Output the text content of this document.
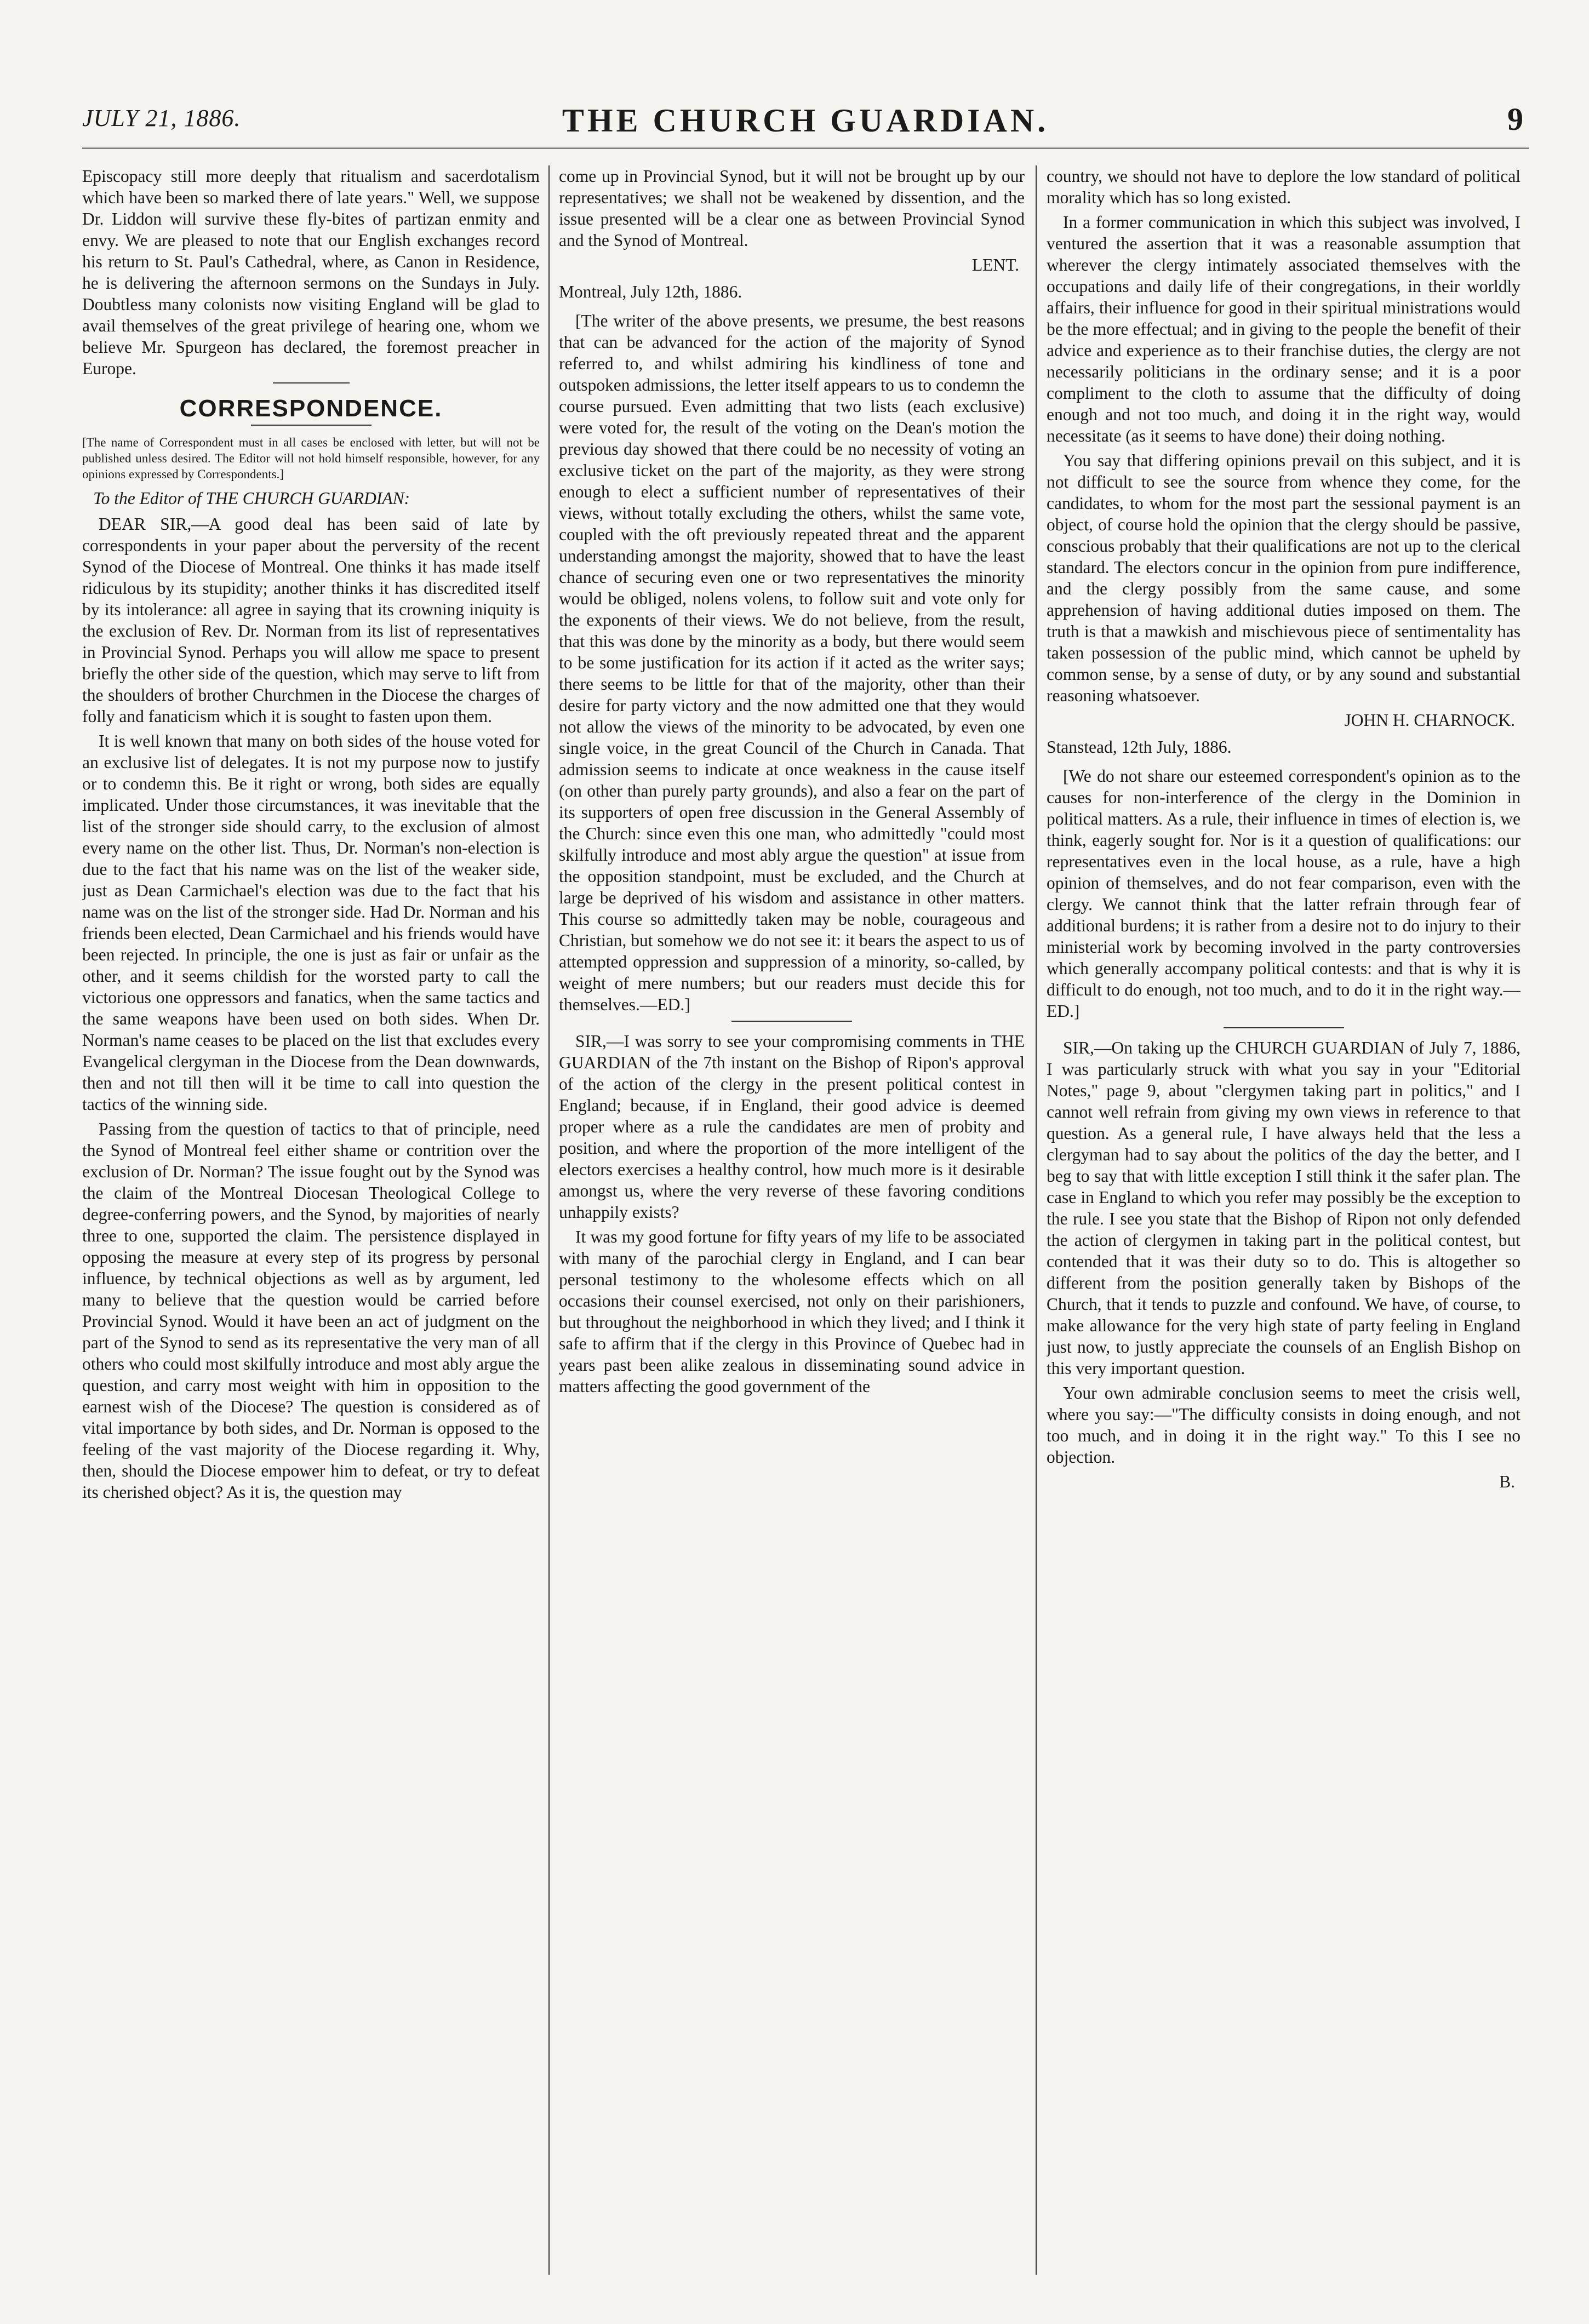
JULY 21, 1886.	THE CHURCH GUARDIAN.	9

Episcopacy still more deeply that ritualism and sacerdotalism which have been so marked there of late years." Well, we suppose Dr. Liddon will survive these fly-bites of partizan enmity and envy. We are pleased to note that our English exchanges record his return to St. Paul's Cathedral, where, as Canon in Residence, he is delivering the afternoon sermons on the Sundays in July. Doubtless many colonists now visiting England will be glad to avail themselves of the great privilege of hearing one, whom we believe Mr. Spurgeon has declared, the foremost preacher in Europe.

CORRESPONDENCE.

[The name of Correspondent must in all cases be enclosed with letter, but will not be published unless desired. The Editor will not hold himself responsible, however, for any opinions expressed by Correspondents.]

To the Editor of THE CHURCH GUARDIAN:

DEAR SIR,—A good deal has been said of late by correspondents in your paper about the perversity of the recent Synod of the Diocese of Montreal. One thinks it has made itself ridiculous by its stupidity; another thinks it has discredited itself by its intolerance: all agree in saying that its crowning iniquity is the exclusion of Rev. Dr. Norman from its list of representatives in Provincial Synod. Perhaps you will allow me space to present briefly the other side of the question, which may serve to lift from the shoulders of brother Churchmen in the Diocese the charges of folly and fanaticism which it is sought to fasten upon them.

It is well known that many on both sides of the house voted for an exclusive list of delegates. It is not my purpose now to justify or to condemn this. Be it right or wrong, both sides are equally implicated. Under those circumstances, it was inevitable that the list of the stronger side should carry, to the exclusion of almost every name on the other list. Thus, Dr. Norman's non-election is due to the fact that his name was on the list of the weaker side, just as Dean Carmichael's election was due to the fact that his name was on the list of the stronger side. Had Dr. Norman and his friends been elected, Dean Carmichael and his friends would have been rejected. In principle, the one is just as fair or unfair as the other, and it seems childish for the worsted party to call the victorious one oppressors and fanatics, when the same tactics and the same weapons have been used on both sides. When Dr. Norman's name ceases to be placed on the list that excludes every Evangelical clergyman in the Diocese from the Dean downwards, then and not till then will it be time to call into question the tactics of the winning side.

Passing from the question of tactics to that of principle, need the Synod of Montreal feel either shame or contrition over the exclusion of Dr. Norman? The issue fought out by the Synod was the claim of the Montreal Diocesan Theological College to degree-conferring powers, and the Synod, by majorities of nearly three to one, supported the claim. The persistence displayed in opposing the measure at every step of its progress by personal influence, by technical objections as well as by argument, led many to believe that the question would be carried before Provincial Synod. Would it have been an act of judgment on the part of the Synod to send as its representative the very man of all others who could most skilfully introduce and most ably argue the question, and carry most weight with him in opposition to the earnest wish of the Diocese? The question is considered as of vital importance by both sides, and Dr. Norman is opposed to the feeling of the vast majority of the Diocese regarding it. Why, then, should the Diocese empower him to defeat, or try to defeat its cherished object? As it is, the question may

come up in Provincial Synod, but it will not be brought up by our representatives; we shall not be weakened by dissention, and the issue presented will be a clear one as between Provincial Synod and the Synod of Montreal.

LENT.

Montreal, July 12th, 1886.

[The writer of the above presents, we presume, the best reasons that can be advanced for the action of the majority of Synod referred to, and whilst admiring his kindliness of tone and outspoken admissions, the letter itself appears to us to condemn the course pursued. Even admitting that two lists (each exclusive) were voted for, the result of the voting on the Dean's motion the previous day showed that there could be no necessity of voting an exclusive ticket on the part of the majority, as they were strong enough to elect a sufficient number of representatives of their views, without totally excluding the others, whilst the same vote, coupled with the oft previously repeated threat and the apparent understanding amongst the majority, showed that to have the least chance of securing even one or two representatives the minority would be obliged, nolens volens, to follow suit and vote only for the exponents of their views. We do not believe, from the result, that this was done by the minority as a body, but there would seem to be some justification for its action if it acted as the writer says; there seems to be little for that of the majority, other than their desire for party victory and the now admitted one that they would not allow the views of the minority to be advocated, by even one single voice, in the great Council of the Church in Canada. That admission seems to indicate at once weakness in the cause itself (on other than purely party grounds), and also a fear on the part of its supporters of open free discussion in the General Assembly of the Church: since even this one man, who admittedly "could most skilfully introduce and most ably argue the question" at issue from the opposition standpoint, must be excluded, and the Church at large be deprived of his wisdom and assistance in other matters. This course so admittedly taken may be noble, courageous and Christian, but somehow we do not see it: it bears the aspect to us of attempted oppression and suppression of a minority, so-called, by weight of mere numbers; but our readers must decide this for themselves.—ED.]

SIR,—I was sorry to see your compromising comments in THE GUARDIAN of the 7th instant on the Bishop of Ripon's approval of the action of the clergy in the present political contest in England; because, if in England, their good advice is deemed proper where as a rule the candidates are men of probity and position, and where the proportion of the more intelligent of the electors exercises a healthy control, how much more is it desirable amongst us, where the very reverse of these favoring conditions unhappily exists?

It was my good fortune for fifty years of my life to be associated with many of the parochial clergy in England, and I can bear personal testimony to the wholesome effects which on all occasions their counsel exercised, not only on their parishioners, but throughout the neighborhood in which they lived; and I think it safe to affirm that if the clergy in this Province of Quebec had in years past been alike zealous in disseminating sound advice in matters affecting the good government of the

country, we should not have to deplore the low standard of political morality which has so long existed.

In a former communication in which this subject was involved, I ventured the assertion that it was a reasonable assumption that wherever the clergy intimately associated themselves with the occupations and daily life of their congregations, in their worldly affairs, their influence for good in their spiritual ministrations would be the more effectual; and in giving to the people the benefit of their advice and experience as to their franchise duties, the clergy are not necessarily politicians in the ordinary sense; and it is a poor compliment to the cloth to assume that the difficulty of doing enough and not too much, and doing it in the right way, would necessitate (as it seems to have done) their doing nothing.

You say that differing opinions prevail on this subject, and it is not difficult to see the source from whence they come, for the candidates, to whom for the most part the sessional payment is an object, of course hold the opinion that the clergy should be passive, conscious probably that their qualifications are not up to the clerical standard. The electors concur in the opinion from pure indifference, and the clergy possibly from the same cause, and some apprehension of having additional duties imposed on them. The truth is that a mawkish and mischievous piece of sentimentality has taken possession of the public mind, which cannot be upheld by common sense, by a sense of duty, or by any sound and substantial reasoning whatsoever.

JOHN H. CHARNOCK.

Stanstead, 12th July, 1886.

[We do not share our esteemed correspondent's opinion as to the causes for non-interference of the clergy in the Dominion in political matters. As a rule, their influence in times of election is, we think, eagerly sought for. Nor is it a question of qualifications: our representatives even in the local house, as a rule, have a high opinion of themselves, and do not fear comparison, even with the clergy. We cannot think that the latter refrain through fear of additional burdens; it is rather from a desire not to do injury to their ministerial work by becoming involved in the party controversies which generally accompany political contests: and that is why it is difficult to do enough, not too much, and to do it in the right way.—ED.]

SIR,—On taking up the CHURCH GUARDIAN of July 7, 1886, I was particularly struck with what you say in your "Editorial Notes," page 9, about "clergymen taking part in politics," and I cannot well refrain from giving my own views in reference to that question. As a general rule, I have always held that the less a clergyman had to say about the politics of the day the better, and I beg to say that with little exception I still think it the safer plan. The case in England to which you refer may possibly be the exception to the rule. I see you state that the Bishop of Ripon not only defended the action of clergymen in taking part in the political contest, but contended that it was their duty so to do. This is altogether so different from the position generally taken by Bishops of the Church, that it tends to puzzle and confound. We have, of course, to make allowance for the very high state of party feeling in England just now, to justly appreciate the counsels of an English Bishop on this very important question.

Your own admirable conclusion seems to meet the crisis well, where you say:—"The difficulty consists in doing enough, and not too much, and in doing it in the right way." To this I see no objection.

B.
